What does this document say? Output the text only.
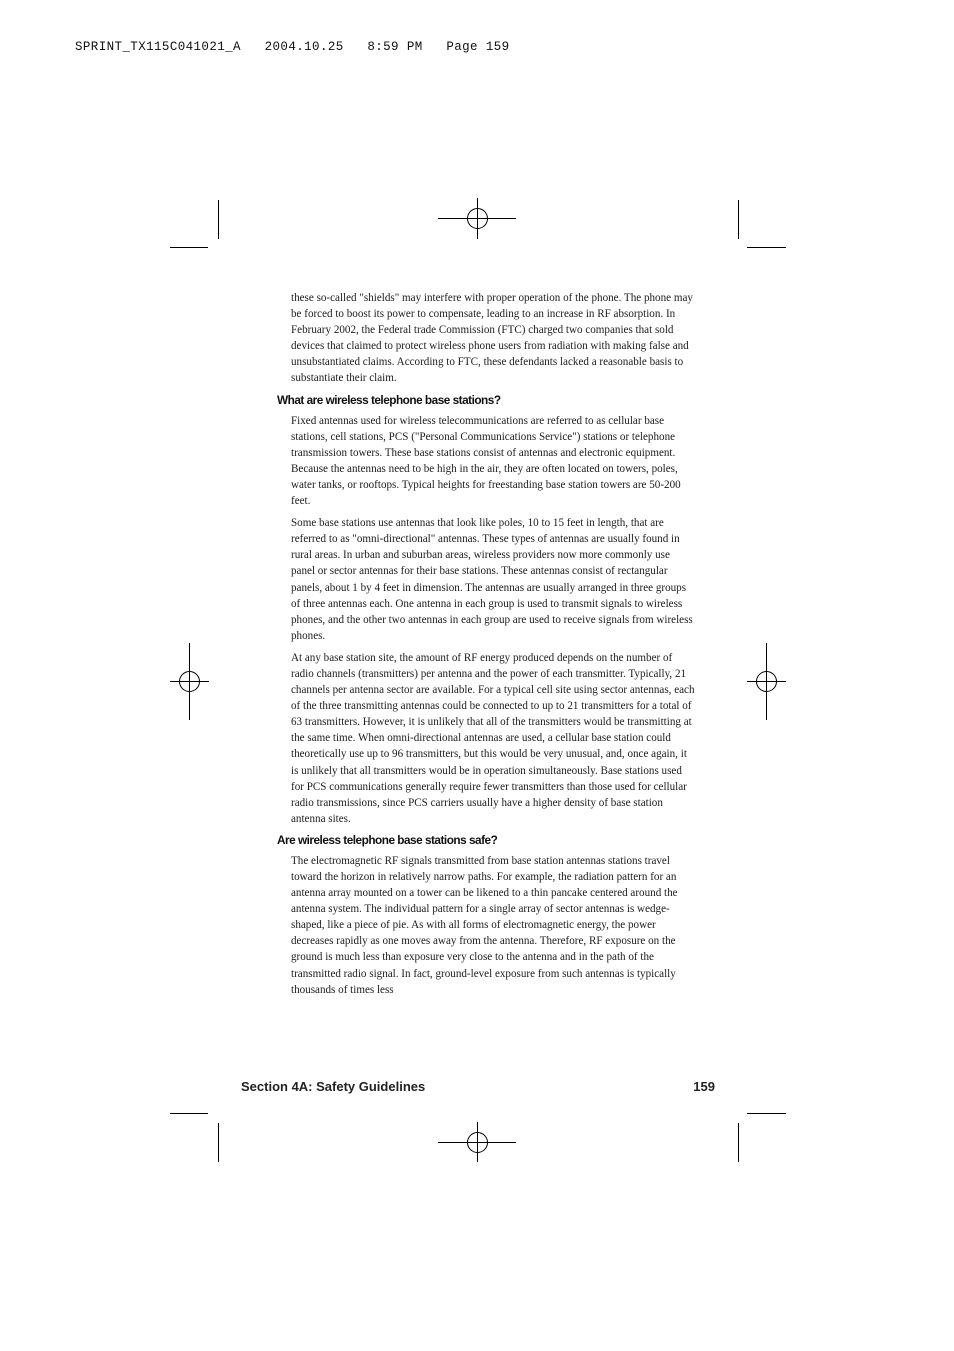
SPRINT_TX115C041021_A   2004.10.25   8:59 PM   Page 159

these so-called "shields" may interfere with proper operation of the phone. The phone may be forced to boost its power to compensate, leading to an increase in RF absorption. In February 2002, the Federal trade Commission (FTC) charged two companies that sold devices that claimed to protect wireless phone users from radiation with making false and unsubstantiated claims. According to FTC, these defendants lacked a reasonable basis to substantiate their claim.

What are wireless telephone base stations?

Fixed antennas used for wireless telecommunications are referred to as cellular base stations, cell stations, PCS ("Personal Communications Service") stations or telephone transmission towers. These base stations consist of antennas and electronic equipment. Because the antennas need to be high in the air, they are often located on towers, poles, water tanks, or rooftops. Typical heights for freestanding base station towers are 50-200 feet.

Some base stations use antennas that look like poles, 10 to 15 feet in length, that are referred to as "omni-directional" antennas. These types of antennas are usually found in rural areas. In urban and suburban areas, wireless providers now more commonly use panel or sector antennas for their base stations. These antennas consist of rectangular panels, about 1 by 4 feet in dimension. The antennas are usually arranged in three groups of three antennas each. One antenna in each group is used to transmit signals to wireless phones, and the other two antennas in each group are used to receive signals from wireless phones.

At any base station site, the amount of RF energy produced depends on the number of radio channels (transmitters) per antenna and the power of each transmitter. Typically, 21 channels per antenna sector are available. For a typical cell site using sector antennas, each of the three transmitting antennas could be connected to up to 21 transmitters for a total of 63 transmitters. However, it is unlikely that all of the transmitters would be transmitting at the same time. When omni-directional antennas are used, a cellular base station could theoretically use up to 96 transmitters, but this would be very unusual, and, once again, it is unlikely that all transmitters would be in operation simultaneously. Base stations used for PCS communications generally require fewer transmitters than those used for cellular radio transmissions, since PCS carriers usually have a higher density of base station antenna sites.

Are wireless telephone base stations safe?

The electromagnetic RF signals transmitted from base station antennas stations travel toward the horizon in relatively narrow paths. For example, the radiation pattern for an antenna array mounted on a tower can be likened to a thin pancake centered around the antenna system. The individual pattern for a single array of sector antennas is wedge-shaped, like a piece of pie. As with all forms of electromagnetic energy, the power decreases rapidly as one moves away from the antenna. Therefore, RF exposure on the ground is much less than exposure very close to the antenna and in the path of the transmitted radio signal. In fact, ground-level exposure from such antennas is typically thousands of times less

Section 4A: Safety Guidelines	159
